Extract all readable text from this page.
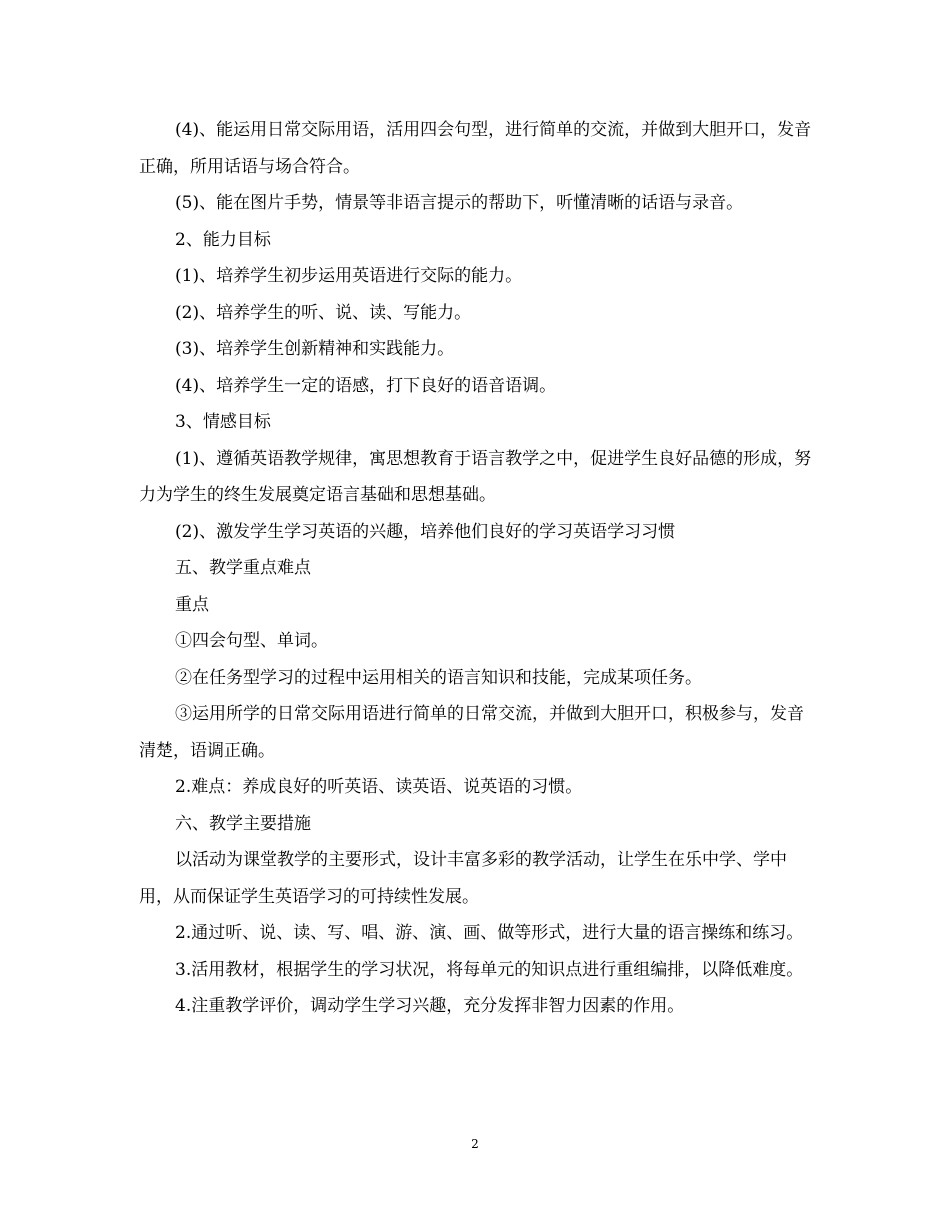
(4)、能运用日常交际用语，活用四会句型，进行简单的交流，并做到大胆开口，发音正确，所用话语与场合符合。

(5)、能在图片手势，情景等非语言提示的帮助下，听懂清晰的话语与录音。

2、能力目标

(1)、培养学生初步运用英语进行交际的能力。

(2)、培养学生的听、说、读、写能力。

(3)、培养学生创新精神和实践能力。

(4)、培养学生一定的语感，打下良好的语音语调。

3、情感目标

(1)、遵循英语教学规律，寓思想教育于语言教学之中，促进学生良好品德的形成，努力为学生的终生发展奠定语言基础和思想基础。

(2)、激发学生学习英语的兴趣，培养他们良好的学习英语学习习惯

五、教学重点难点

重点

①四会句型、单词。

②在任务型学习的过程中运用相关的语言知识和技能，完成某项任务。

③运用所学的日常交际用语进行简单的日常交流，并做到大胆开口，积极参与，发音清楚，语调正确。

2.难点：养成良好的听英语、读英语、说英语的习惯。

六、教学主要措施

以活动为课堂教学的主要形式，设计丰富多彩的教学活动，让学生在乐中学、学中用，从而保证学生英语学习的可持续性发展。

2.通过听、说、读、写、唱、游、演、画、做等形式，进行大量的语言操练和练习。

3.活用教材，根据学生的学习状况，将每单元的知识点进行重组编排，以降低难度。

4.注重教学评价，调动学生学习兴趣，充分发挥非智力因素的作用。

2
